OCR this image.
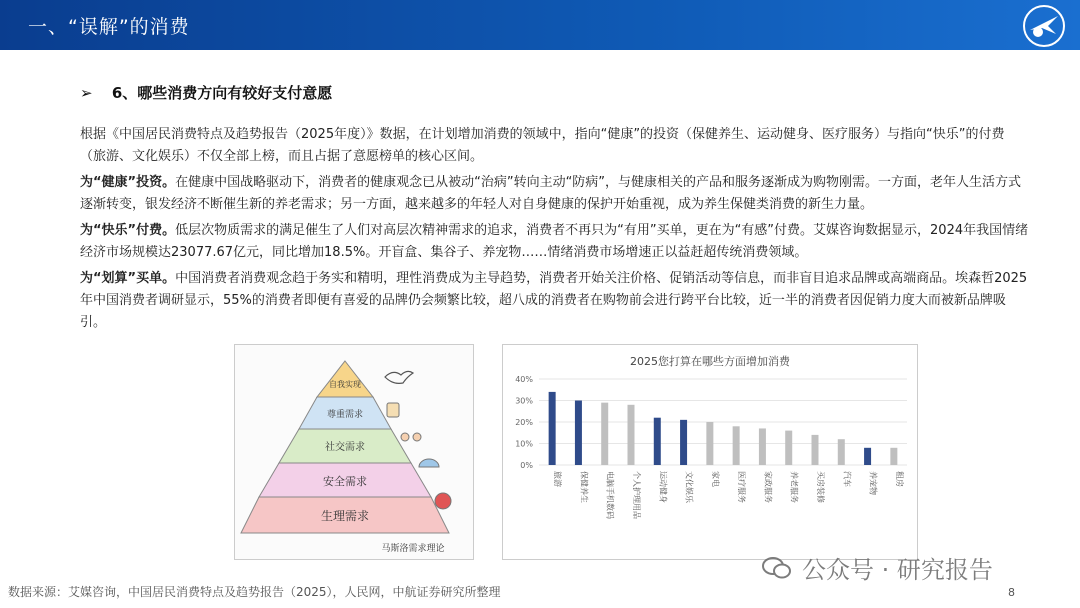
一、“误解”的消费
➢ 6、哪些消费方向有较好支付意愿

根据《中国居民消费特点及趋势报告（2025年度）》数据，在计划增加消费的领域中，指向“健康”的投资（保健养生、运动健身、医疗服务）与指向“快乐”的付费（旅游、文化娱乐）不仅全部上榜，而且占据了意愿榜单的核心区间。

为“健康”投资。在健康中国战略驱动下，消费者的健康观念已从被动“治病”转向主动“防病”，与健康相关的产品和服务逐渐成为购物刚需。一方面，老年人生活方式逐渐转变，银发经济不断催生新的养老需求；另一方面，越来越多的年轻人对自身健康的保护开始重视，成为养生保健类消费的新生力量。

为“快乐”付费。低层次物质需求的满足催生了人们对高层次精神需求的追求，消费者不再只为“有用”买单，更在为“有感”付费。艾媒咨询数据显示，2024年我国情绪经济市场规模达23077.67亿元，同比增加18.5%。开盲盒、集谷子、养宠物……情绪消费市场增速正以益赶超传统消费领域。

为“划算”买单。中国消费者消费观念趋于务实和精明，理性消费成为主导趋势，消费者开始关注价格、促销活动等信息，而非盲目追求品牌或高端商品。埃森哲2025年中国消费者调研显示，55%的消费者即便有喜爱的品牌仍会频繁比较，超八成的消费者在购物前会进行跨平台比较，近一半的消费者因促销力度大而被新品牌吸引。

自我实现
尊重需求
社交需求
安全需求
生理需求
马斯洛需求理论
2025您打算在哪些方面增加消费
0%
10%
20%
30%
40%
旅游 保健养生 电脑手机数码 个人护理用品 运动健身 文化娱乐 家电 医疗服务 家政服务 养老服务 买房装修 汽车 养宠物 租房
公众号 · 研究报告
数据来源：艾媒咨询，中国居民消费特点及趋势报告（2025），人民网，中航证券研究所整理	8
